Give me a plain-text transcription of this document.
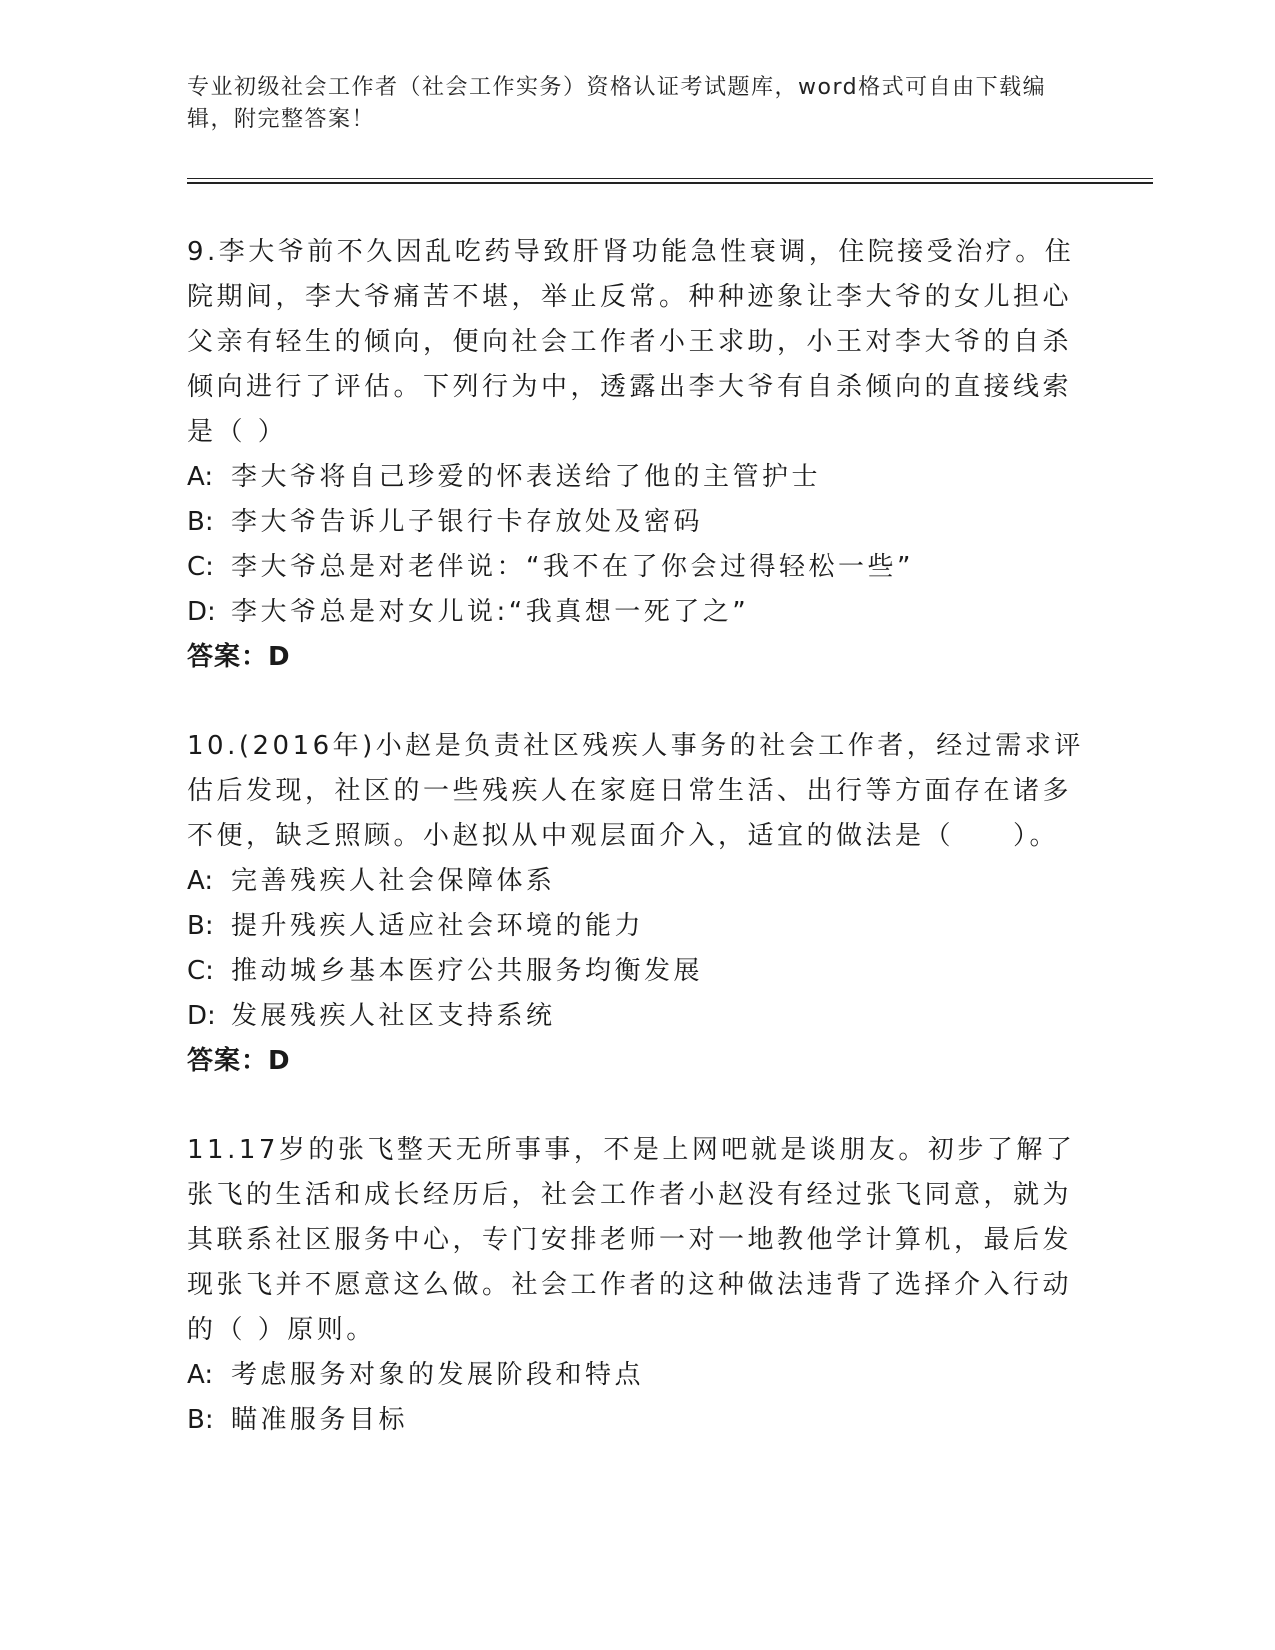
专业初级社会工作者（社会工作实务）资格认证考试题库，word格式可自由下载编辑，附完整答案！

9.李大爷前不久因乱吃药导致肝肾功能急性衰调，住院接受治疗。住院期间，李大爷痛苦不堪，举止反常。种种迹象让李大爷的女儿担心父亲有轻生的倾向，便向社会工作者小王求助，小王对李大爷的自杀倾向进行了评估。下列行为中，透露出李大爷有自杀倾向的直接线索是（ ）

A: 李大爷将自己珍爱的怀表送给了他的主管护士

B: 李大爷告诉儿子银行卡存放处及密码

C: 李大爷总是对老伴说：“我不在了你会过得轻松一些”

D: 李大爷总是对女儿说:“我真想一死了之”

答案：D

10.(2016年)小赵是负责社区残疾人事务的社会工作者，经过需求评估后发现，社区的一些残疾人在家庭日常生活、出行等方面存在诸多不便，缺乏照顾。小赵拟从中观层面介入，适宜的做法是（　　）。

A: 完善残疾人社会保障体系

B: 提升残疾人适应社会环境的能力

C: 推动城乡基本医疗公共服务均衡发展

D: 发展残疾人社区支持系统

答案：D

11.17岁的张飞整天无所事事，不是上网吧就是谈朋友。初步了解了张飞的生活和成长经历后，社会工作者小赵没有经过张飞同意，就为其联系社区服务中心，专门安排老师一对一地教他学计算机，最后发现张飞并不愿意这么做。社会工作者的这种做法违背了选择介入行动的（ ）原则。

A: 考虑服务对象的发展阶段和特点

B: 瞄准服务目标
